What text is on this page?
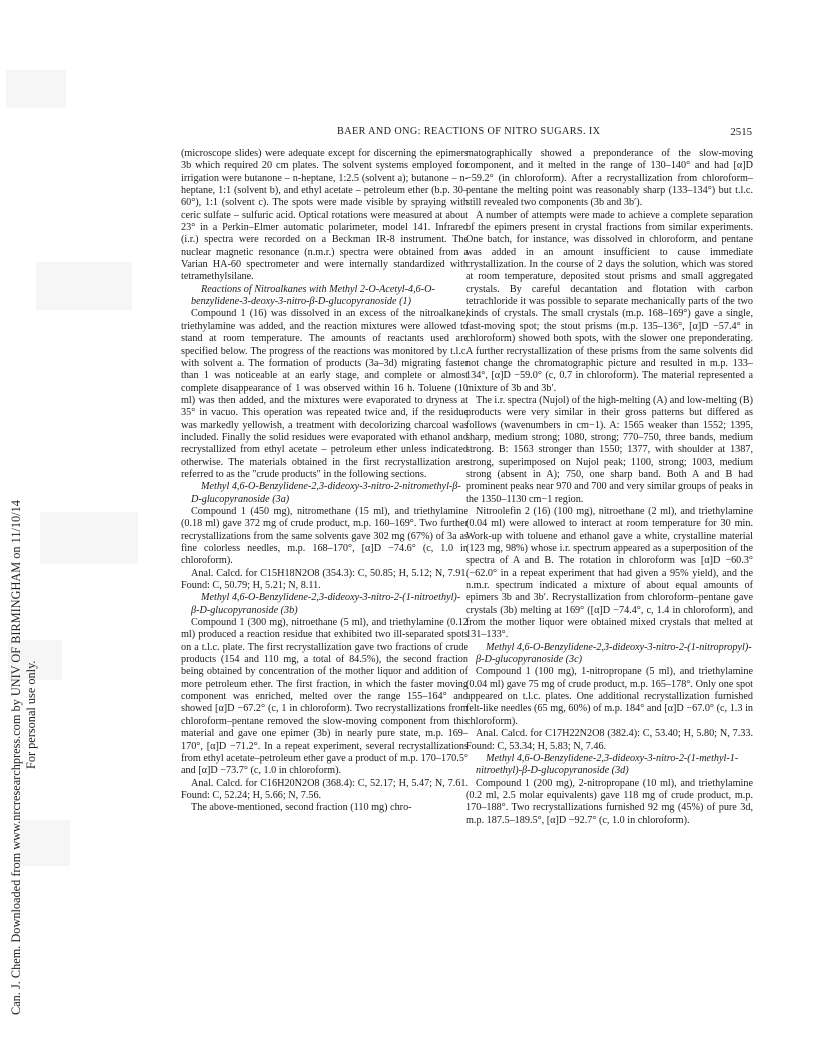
Can. J. Chem. Downloaded from www.nrcresearchpress.com by UNIV OF BIRMINGHAM on 11/10/14 For personal use only.
BAER AND ONG: REACTIONS OF NITRO SUGARS. IX	2515

(microscope slides) were adequate except for discerning the epimers 3b which required 20 cm plates. The solvent systems employed for irrigation were butanone – n-heptane, 1:2.5 (solvent a); butanone – n-heptane, 1:1 (solvent b), and ethyl acetate – petroleum ether (b.p. 30–60°), 1:1 (solvent c). The spots were made visible by spraying with ceric sulfate – sulfuric acid. Optical rotations were measured at about 23° in a Perkin–Elmer automatic polarimeter, model 141. Infrared (i.r.) spectra were recorded on a Beckman IR-8 instrument. The nuclear magnetic resonance (n.m.r.) spectra were obtained from a Varian HA-60 spectrometer and were internally standardized with tetramethylsilane.

Reactions of Nitroalkanes with Methyl 2-O-Acetyl-4,6-O-benzylidene-3-deoxy-3-nitro-β-D-glucopyranoside (1)

Compound 1 (16) was dissolved in an excess of the nitroalkane, triethylamine was added, and the reaction mixtures were allowed to stand at room temperature. The amounts of reactants used are specified below. The progress of the reactions was monitored by t.l.c. with solvent a. The formation of products (3a–3d) migrating faster than 1 was noticeable at an early stage, and complete or almost complete disappearance of 1 was observed within 16 h. Toluene (10 ml) was then added, and the mixtures were evaporated to dryness at 35° in vacuo. This operation was repeated twice and, if the residue was markedly yellowish, a treatment with decolorizing charcoal was included. Finally the solid residues were evaporated with ethanol and recrystallized from ethyl acetate – petroleum ether unless indicated otherwise. The materials obtained in the first recrystallization are referred to as the "crude products" in the following sections.

Methyl 4,6-O-Benzylidene-2,3-dideoxy-3-nitro-2-nitromethyl-β-D-glucopyranoside (3a)

Compound 1 (450 mg), nitromethane (15 ml), and triethylamine (0.18 ml) gave 372 mg of crude product, m.p. 160–169°. Two further recrystallizations from the same solvents gave 302 mg (67%) of 3a as fine colorless needles, m.p. 168–170°, [α]D −74.6° (c, 1.0 in chloroform).

Anal. Calcd. for C15H18N2O8 (354.3): C, 50.85; H, 5.12; N, 7.91. Found: C, 50.79; H, 5.21; N, 8.11.

Methyl 4,6-O-Benzylidene-2,3-dideoxy-3-nitro-2-(1-nitroethyl)-β-D-glucopyranoside (3b)

Compound 1 (300 mg), nitroethane (5 ml), and triethylamine (0.12 ml) produced a reaction residue that exhibited two ill-separated spots on a t.l.c. plate. The first recrystallization gave two fractions of crude products (154 and 110 mg, a total of 84.5%), the second fraction being obtained by concentration of the mother liquor and addition of more petroleum ether. The first fraction, in which the faster moving component was enriched, melted over the range 155–164° and showed [α]D −67.2° (c, 1 in chloroform). Two recrystallizations from chloroform–pentane removed the slow-moving component from this material and gave one epimer (3b) in nearly pure state, m.p. 169–170°, [α]D −71.2°. In a repeat experiment, several recrystallizations from ethyl acetate–petroleum ether gave a product of m.p. 170–170.5° and [α]D −73.7° (c, 1.0 in chloroform).

Anal. Calcd. for C16H20N2O8 (368.4): C, 52.17; H, 5.47; N, 7.61. Found: C, 52.24; H, 5.66; N, 7.56.

The above-mentioned, second fraction (110 mg) chro-

matographically showed a preponderance of the slow-moving component, and it melted in the range of 130–140° and had [α]D −59.2° (in chloroform). After a recrystallization from chloroform–pentane the melting point was reasonably sharp (133–134°) but t.l.c. still revealed two components (3b and 3b′).

A number of attempts were made to achieve a complete separation of the epimers present in crystal fractions from similar experiments. One batch, for instance, was dissolved in chloroform, and pentane was added in an amount insufficient to cause immediate crystallization. In the course of 2 days the solution, which was stored at room temperature, deposited stout prisms and small aggregated crystals. By careful decantation and flotation with carbon tetrachloride it was possible to separate mechanically parts of the two kinds of crystals. The small crystals (m.p. 168–169°) gave a single, fast-moving spot; the stout prisms (m.p. 135–136°, [α]D −57.4° in chloroform) showed both spots, with the slower one preponderating. A further recrystallization of these prisms from the same solvents did not change the chromatographic picture and resulted in m.p. 133–134°, [α]D −59.0° (c, 0.7 in chloroform). The material represented a mixture of 3b and 3b′.

The i.r. spectra (Nujol) of the high-melting (A) and low-melting (B) products were very similar in their gross patterns but differed as follows (wavenumbers in cm−1). A: 1565 weaker than 1552; 1395, sharp, medium strong; 1080, strong; 770–750, three bands, medium strong. B: 1563 stronger than 1550; 1377, with shoulder at 1387, strong, superimposed on Nujol peak; 1100, strong; 1003, medium strong (absent in A); 750, one sharp band. Both A and B had prominent peaks near 970 and 700 and very similar groups of peaks in the 1350–1130 cm−1 region.

Nitroolefin 2 (16) (100 mg), nitroethane (2 ml), and triethylamine (0.04 ml) were allowed to interact at room temperature for 30 min. Work-up with toluene and ethanol gave a white, crystalline material (123 mg, 98%) whose i.r. spectrum appeared as a superposition of the spectra of A and B. The rotation in chloroform was [α]D −60.3° (−62.0° in a repeat experiment that had given a 95% yield), and the n.m.r. spectrum indicated a mixture of about equal amounts of epimers 3b and 3b′. Recrystallization from chloroform–pentane gave crystals (3b) melting at 169° ([α]D −74.4°, c, 1.4 in chloroform), and from the mother liquor were obtained mixed crystals that melted at 131–133°.

Methyl 4,6-O-Benzylidene-2,3-dideoxy-3-nitro-2-(1-nitropropyl)-β-D-glucopyranoside (3c)

Compound 1 (100 mg), 1-nitropropane (5 ml), and triethylamine (0.04 ml) gave 75 mg of crude product, m.p. 165–178°. Only one spot appeared on t.l.c. plates. One additional recrystallization furnished felt-like needles (65 mg, 60%) of m.p. 184° and [α]D −67.0° (c, 1.3 in chloroform).

Anal. Calcd. for C17H22N2O8 (382.4): C, 53.40; H, 5.80; N, 7.33. Found: C, 53.34; H, 5.83; N, 7.46.

Methyl 4,6-O-Benzylidene-2,3-dideoxy-3-nitro-2-(1-methyl-1-nitroethyl)-β-D-glucopyranoside (3d)

Compound 1 (200 mg), 2-nitropropane (10 ml), and triethylamine (0.2 ml, 2.5 molar equivalents) gave 118 mg of crude product, m.p. 170–188°. Two recrystallizations furnished 92 mg (45%) of pure 3d, m.p. 187.5–189.5°, [α]D −92.7° (c, 1.0 in chloroform).
